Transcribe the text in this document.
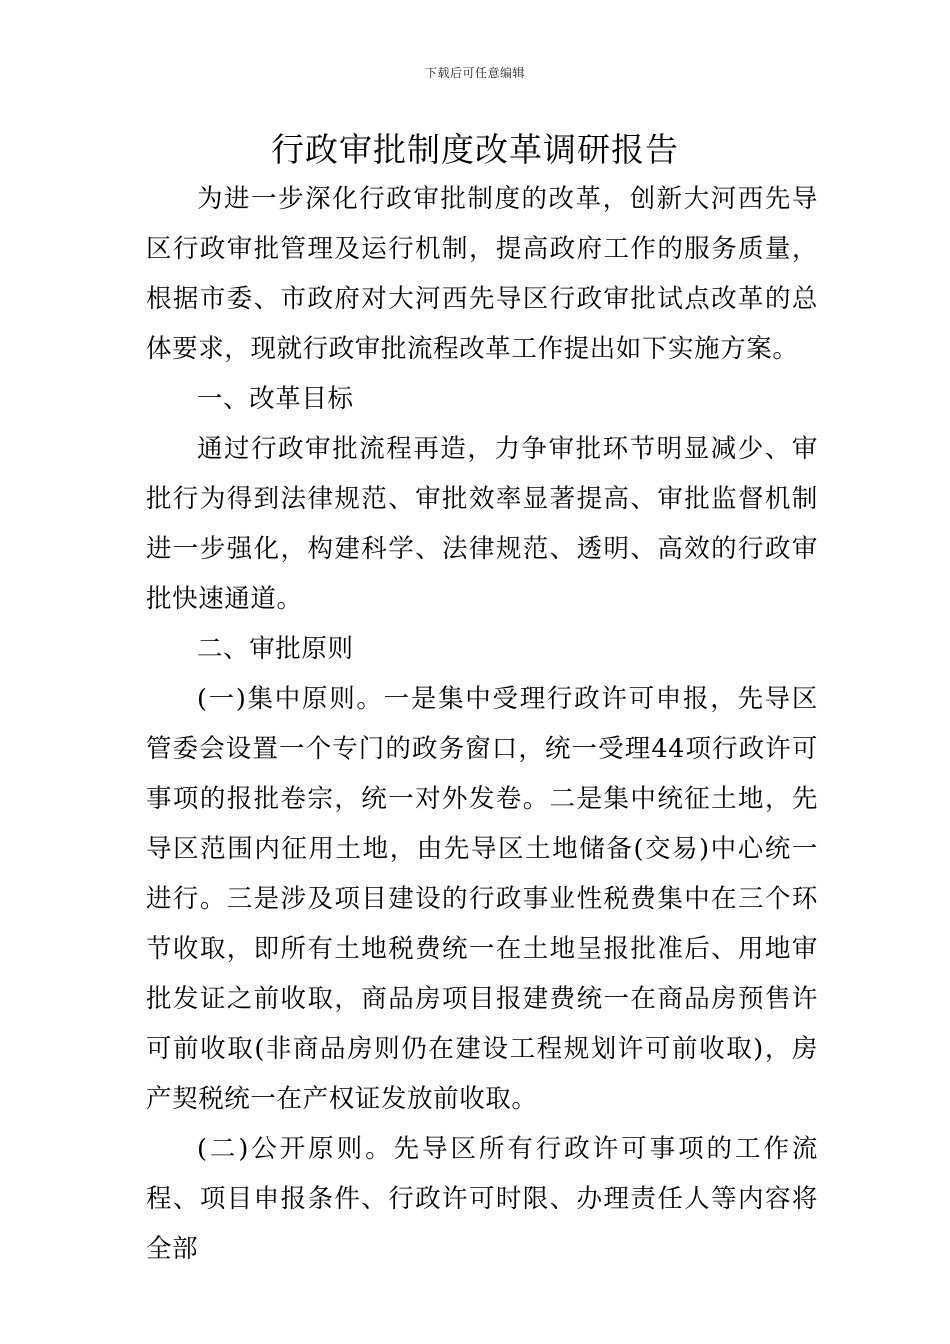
下载后可任意编辑
行政审批制度改革调研报告

为进一步深化行政审批制度的改革，创新大河西先导区行政审批管理及运行机制，提高政府工作的服务质量，根据市委、市政府对大河西先导区行政审批试点改革的总体要求，现就行政审批流程改革工作提出如下实施方案。

一、改革目标

通过行政审批流程再造，力争审批环节明显减少、审批行为得到法律规范、审批效率显著提高、审批监督机制进一步强化，构建科学、法律规范、透明、高效的行政审批快速通道。

二、审批原则

(一)集中原则。一是集中受理行政许可申报，先导区管委会设置一个专门的政务窗口，统一受理44项行政许可事项的报批卷宗，统一对外发卷。二是集中统征土地，先导区范围内征用土地，由先导区土地储备(交易)中心统一进行。三是涉及项目建设的行政事业性税费集中在三个环节收取，即所有土地税费统一在土地呈报批准后、用地审批发证之前收取，商品房项目报建费统一在商品房预售许可前收取(非商品房则仍在建设工程规划许可前收取)，房产契税统一在产权证发放前收取。

(二)公开原则。先导区所有行政许可事项的工作流程、项目申报条件、行政许可时限、办理责任人等内容将全部
